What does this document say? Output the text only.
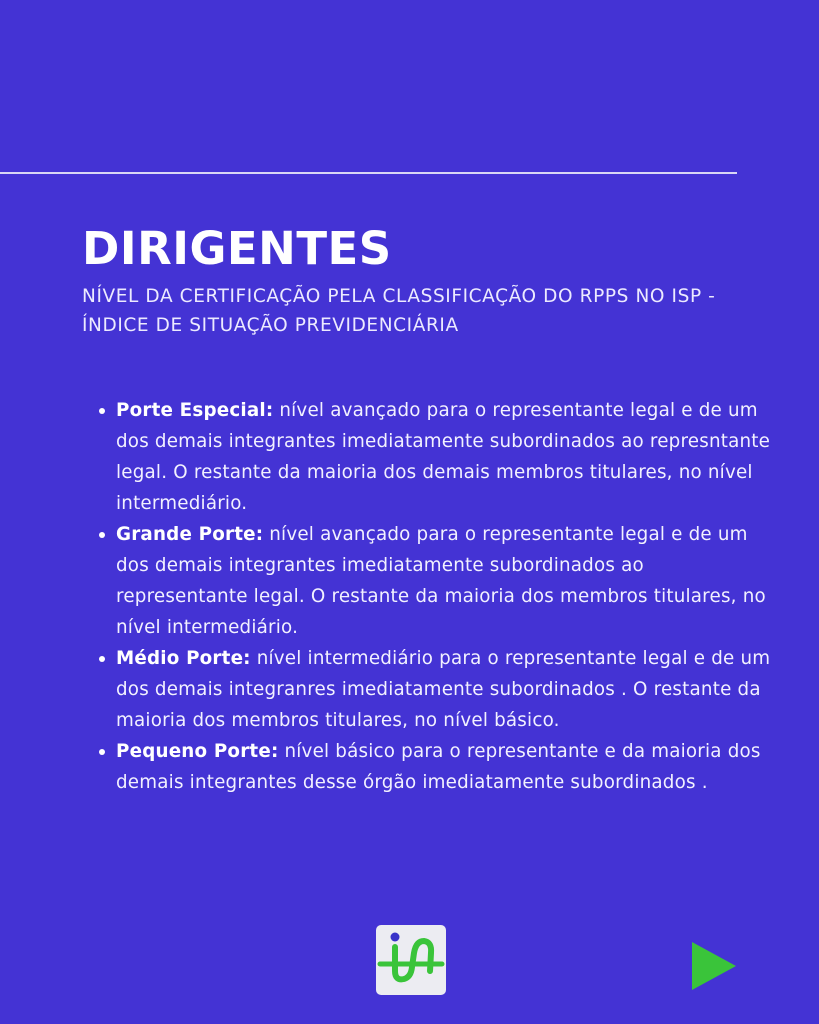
DIRIGENTES

NÍVEL DA CERTIFICAÇÃO PELA CLASSIFICAÇÃO DO RPPS NO ISP - ÍNDICE DE SITUAÇÃO PREVIDENCIÁRIA

Porte Especial: nível avançado para o representante legal e de um dos demais integrantes imediatamente subordinados ao represntante legal. O restante da maioria dos demais membros titulares, no nível intermediário.
Grande Porte: nível avançado para o representante legal e de um dos demais integrantes imediatamente subordinados ao representante legal. O restante da maioria dos membros titulares, no nível intermediário.
Médio Porte: nível intermediário para o representante legal e de um dos demais integranres imediatamente subordinados . O restante da maioria dos membros titulares, no nível básico.
Pequeno Porte: nível básico para o representante e da maioria dos demais integrantes desse órgão imediatamente subordinados .
